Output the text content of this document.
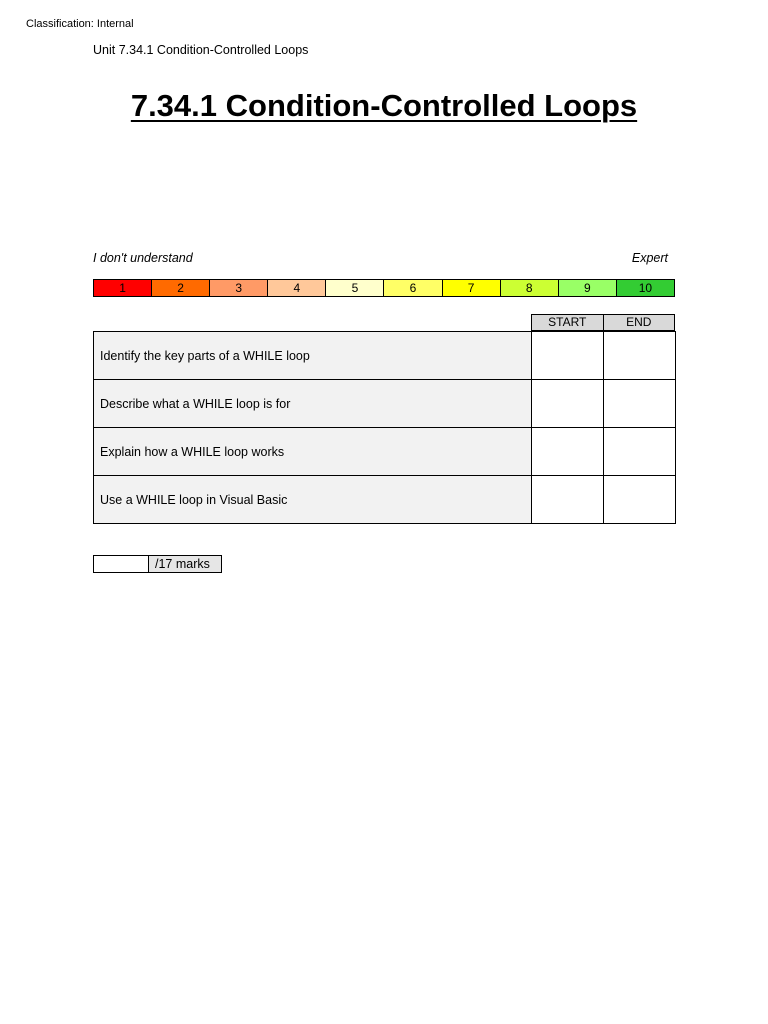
Classification: Internal
Unit 7.34.1 Condition-Controlled Loops
7.34.1 Condition-Controlled Loops
I don't understand	Expert
1	2	3	4	5	6	7	8	9	10
START	END
Identify the key parts of a WHILE loop		
Describe what a WHILE loop is for		
Explain how a WHILE loop works		
Use a WHILE loop in Visual Basic		
/17 marks
